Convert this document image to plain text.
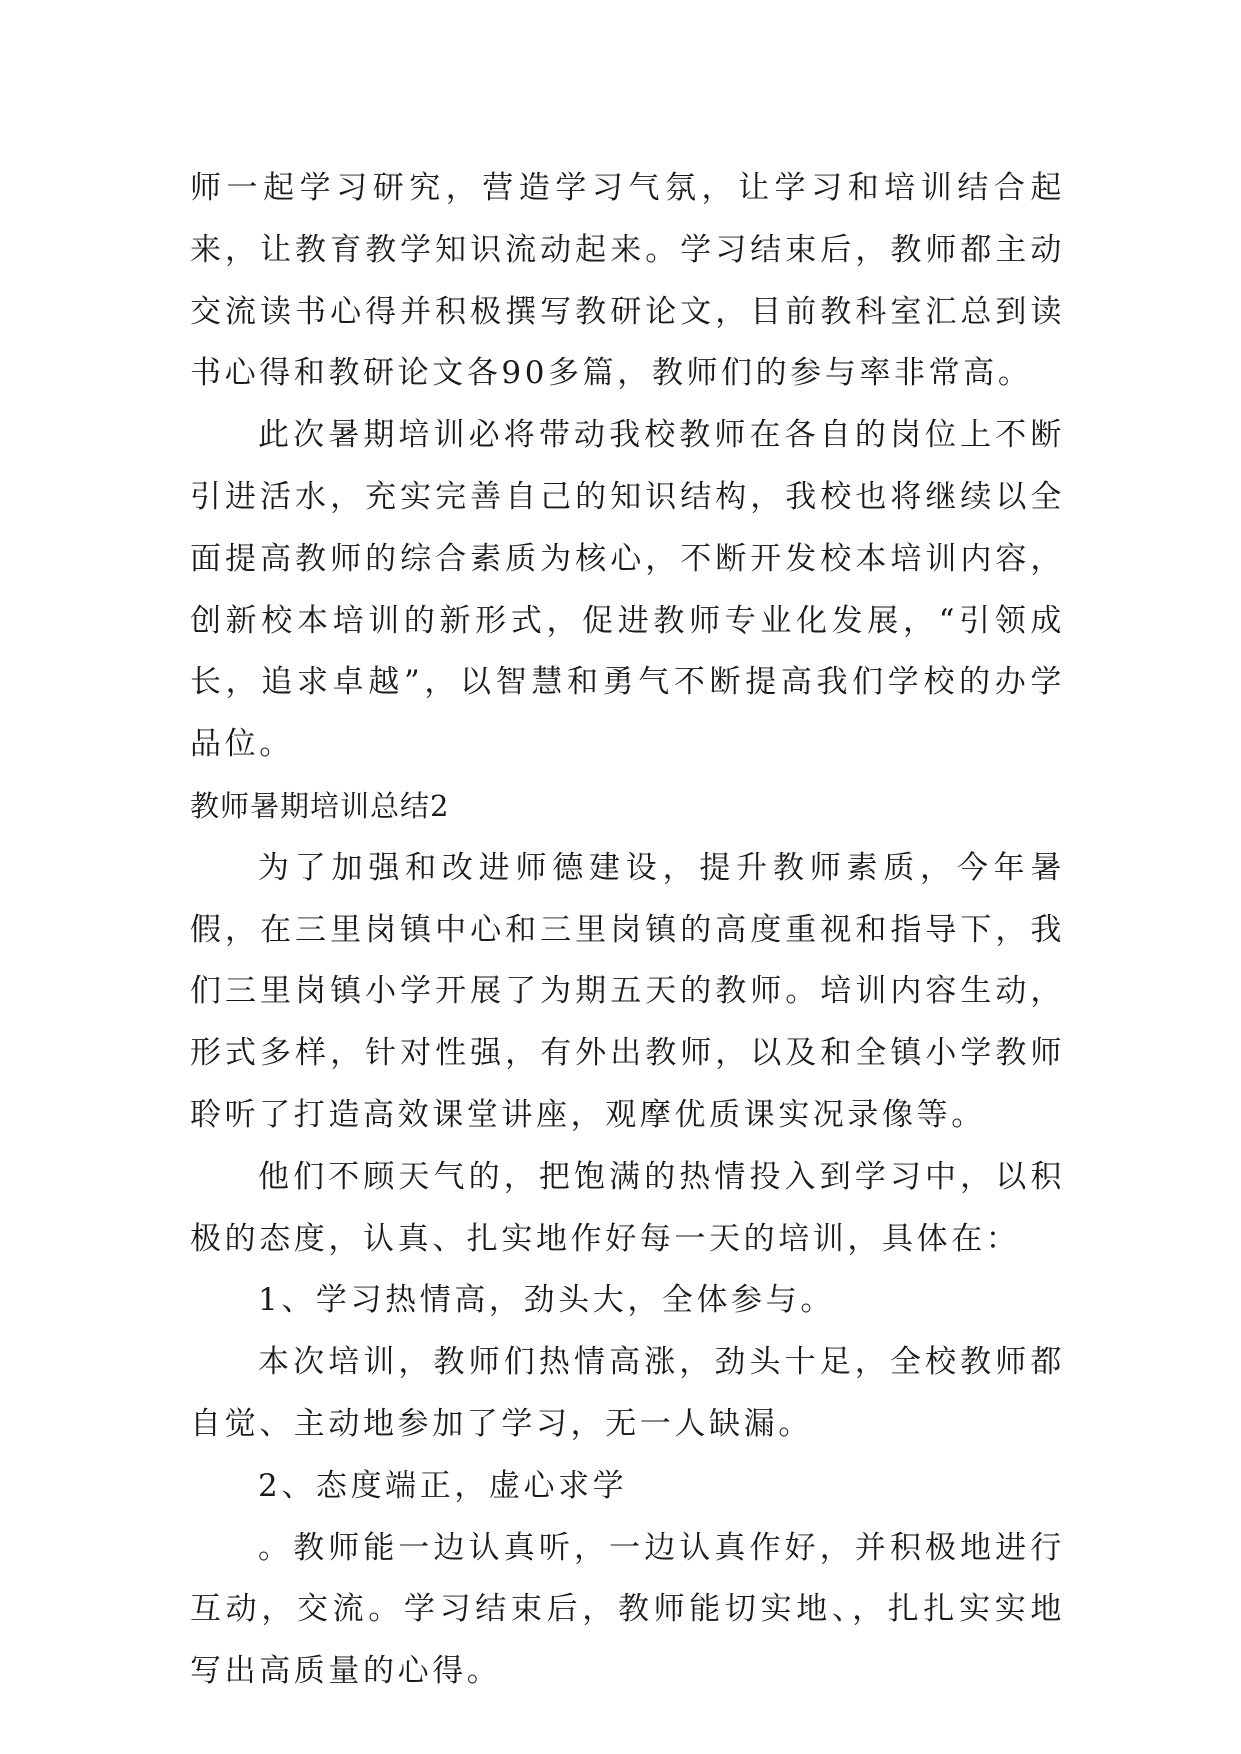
师一起学习研究，营造学习气氛，让学习和培训结合起来，让教育教学知识流动起来。学习结束后，教师都主动交流读书心得并积极撰写教研论文，目前教科室汇总到读书心得和教研论文各90多篇，教师们的参与率非常高。

此次暑期培训必将带动我校教师在各自的岗位上不断引进活水，充实完善自己的知识结构，我校也将继续以全面提高教师的综合素质为核心，不断开发校本培训内容，创新校本培训的新形式，促进教师专业化发展，“引领成长，追求卓越”，以智慧和勇气不断提高我们学校的办学品位。

教师暑期培训总结2

为了加强和改进师德建设，提升教师素质，今年暑假，在三里岗镇中心和三里岗镇的高度重视和指导下，我们三里岗镇小学开展了为期五天的教师。培训内容生动，形式多样，针对性强，有外出教师，以及和全镇小学教师聆听了打造高效课堂讲座，观摩优质课实况录像等。

他们不顾天气的，把饱满的热情投入到学习中，以积极的态度，认真、扎实地作好每一天的培训，具体在：

1、学习热情高，劲头大，全体参与。

本次培训，教师们热情高涨，劲头十足，全校教师都自觉、主动地参加了学习，无一人缺漏。

2、态度端正，虚心求学

。教师能一边认真听，一边认真作好，并积极地进行互动，交流。学习结束后，教师能切实地、，扎扎实实地写出高质量的心得。
